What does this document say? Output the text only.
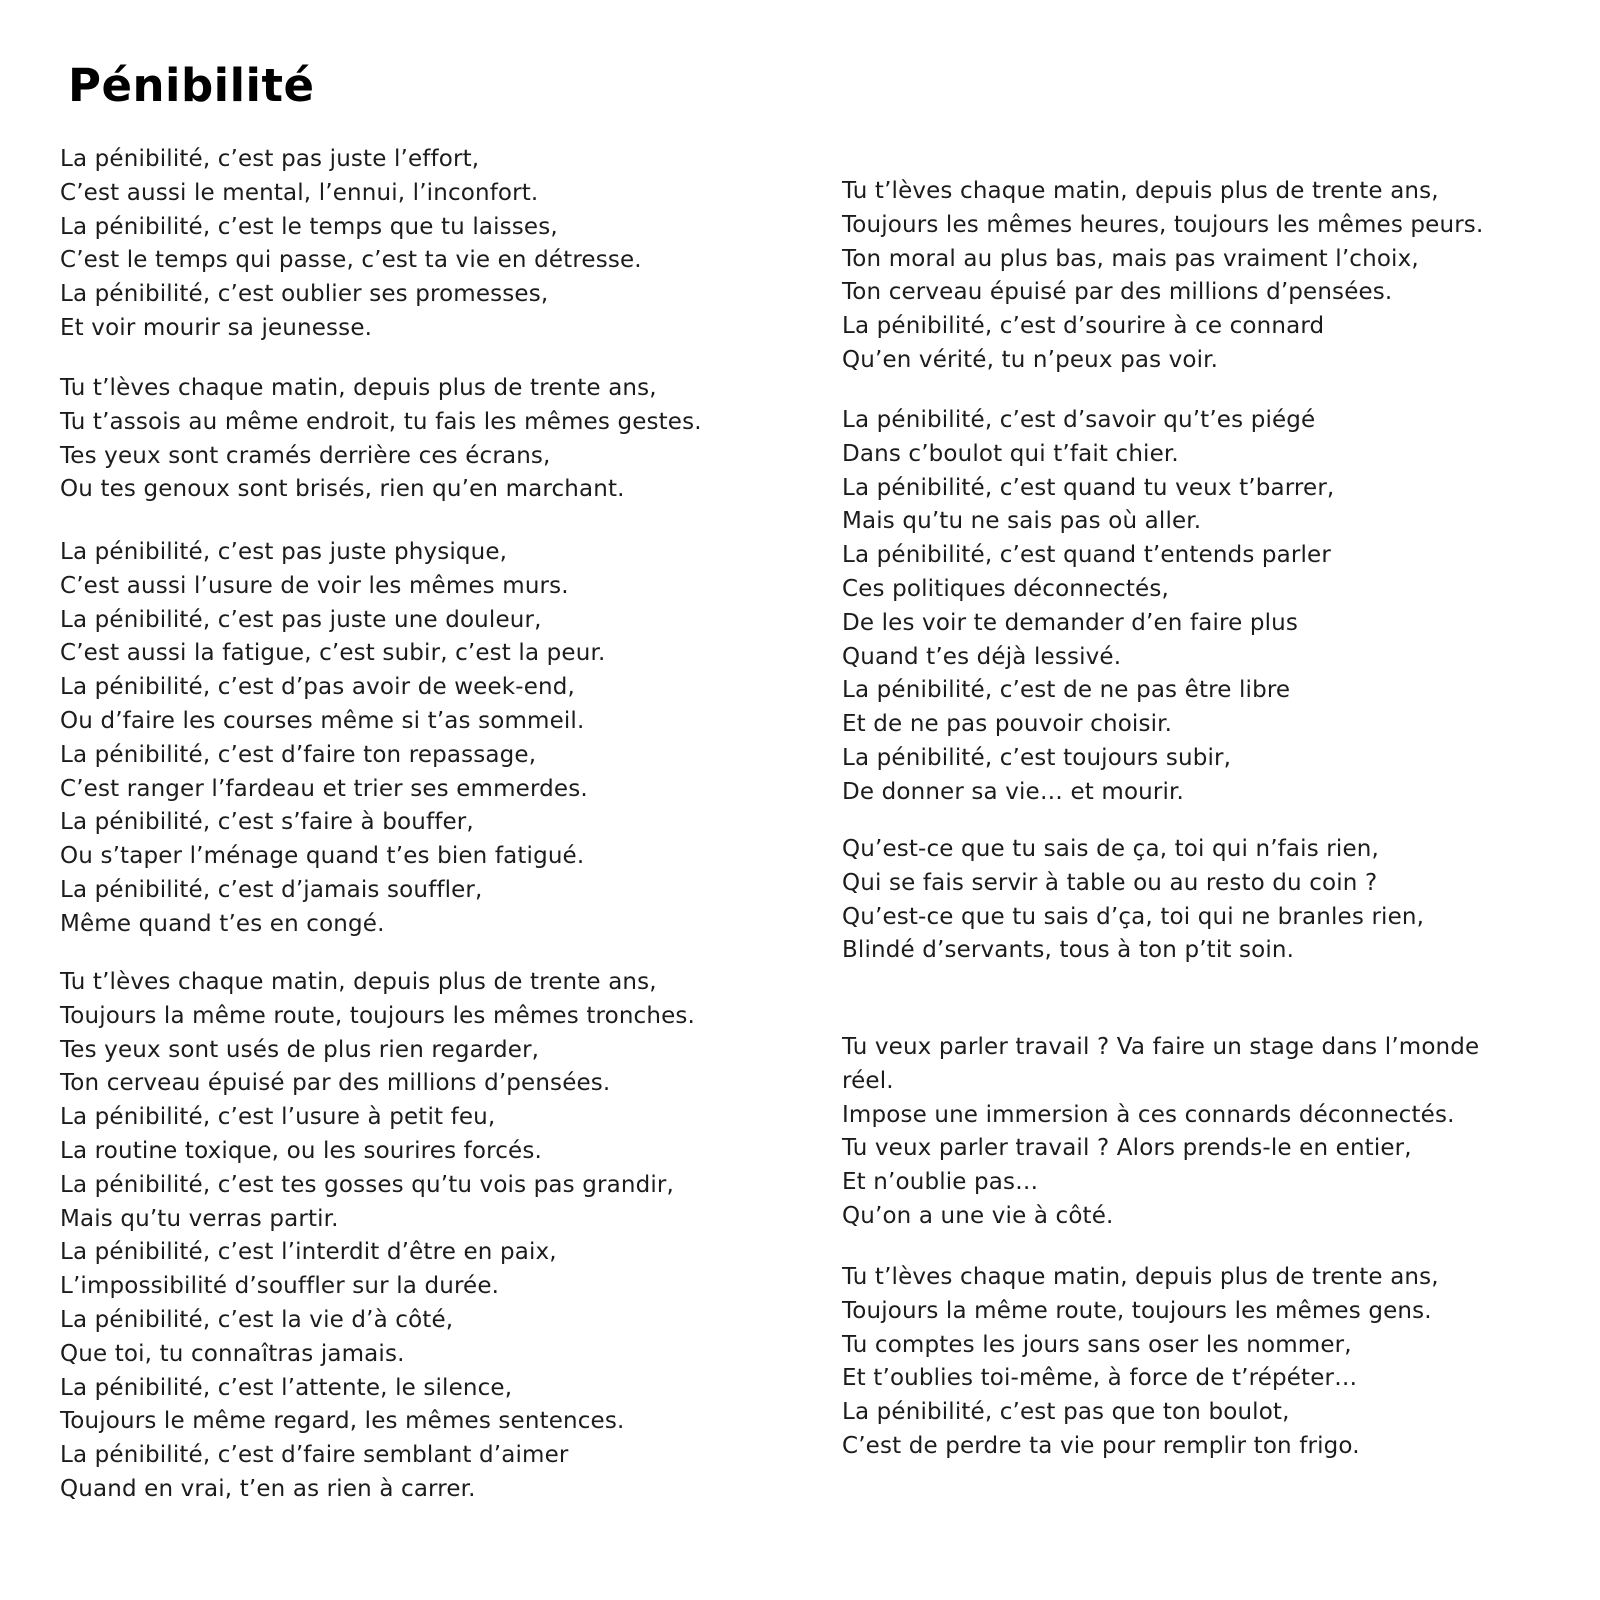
Pénibilité
La pénibilité, c’est pas juste l’effort,
C’est aussi le mental, l’ennui, l’inconfort.
La pénibilité, c’est le temps que tu laisses,
C’est le temps qui passe, c’est ta vie en détresse.
La pénibilité, c’est oublier ses promesses,
Et voir mourir sa jeunesse.
Tu t’lèves chaque matin, depuis plus de trente ans,
Tu t’assois au même endroit, tu fais les mêmes gestes.
Tes yeux sont cramés derrière ces écrans,
Ou tes genoux sont brisés, rien qu’en marchant.
La pénibilité, c’est pas juste physique,
C’est aussi l’usure de voir les mêmes murs.
La pénibilité, c’est pas juste une douleur,
C’est aussi la fatigue, c’est subir, c’est la peur.
La pénibilité, c’est d’pas avoir de week-end,
Ou d’faire les courses même si t’as sommeil.
La pénibilité, c’est d’faire ton repassage,
C’est ranger l’fardeau et trier ses emmerdes.
La pénibilité, c’est s’faire à bouffer,
Ou s’taper l’ménage quand t’es bien fatigué.
La pénibilité, c’est d’jamais souffler,
Même quand t’es en congé.
Tu t’lèves chaque matin, depuis plus de trente ans,
Toujours la même route, toujours les mêmes tronches.
Tes yeux sont usés de plus rien regarder,
Ton cerveau épuisé par des millions d’pensées.
La pénibilité, c’est l’usure à petit feu,
La routine toxique, ou les sourires forcés.
La pénibilité, c’est tes gosses qu’tu vois pas grandir,
Mais qu’tu verras partir.
La pénibilité, c’est l’interdit d’être en paix,
L’impossibilité d’souffler sur la durée.
La pénibilité, c’est la vie d’à côté,
Que toi, tu connaîtras jamais.
La pénibilité, c’est l’attente, le silence,
Toujours le même regard, les mêmes sentences.
La pénibilité, c’est d’faire semblant d’aimer
Quand en vrai, t’en as rien à carrer.
Tu t’lèves chaque matin, depuis plus de trente ans,
Toujours les mêmes heures, toujours les mêmes peurs.
Ton moral au plus bas, mais pas vraiment l’choix,
Ton cerveau épuisé par des millions d’pensées.
La pénibilité, c’est d’sourire à ce connard
Qu’en vérité, tu n’peux pas voir.
La pénibilité, c’est d’savoir qu’t’es piégé
Dans c’boulot qui t’fait chier.
La pénibilité, c’est quand tu veux t’barrer,
Mais qu’tu ne sais pas où aller.
La pénibilité, c’est quand t’entends parler
Ces politiques déconnectés,
De les voir te demander d’en faire plus
Quand t’es déjà lessivé.
La pénibilité, c’est de ne pas être libre
Et de ne pas pouvoir choisir.
La pénibilité, c’est toujours subir,
De donner sa vie… et mourir.
Qu’est-ce que tu sais de ça, toi qui n’fais rien,
Qui se fais servir à table ou au resto du coin ?
Qu’est-ce que tu sais d’ça, toi qui ne branles rien,
Blindé d’servants, tous à ton p’tit soin.
Tu veux parler travail ? Va faire un stage dans l’monde réel.
Impose une immersion à ces connards déconnectés.
Tu veux parler travail ? Alors prends-le en entier,
Et n’oublie pas…
Qu’on a une vie à côté.
Tu t’lèves chaque matin, depuis plus de trente ans,
Toujours la même route, toujours les mêmes gens.
Tu comptes les jours sans oser les nommer,
Et t’oublies toi-même, à force de t’répéter…
La pénibilité, c’est pas que ton boulot,
C’est de perdre ta vie pour remplir ton frigo.
